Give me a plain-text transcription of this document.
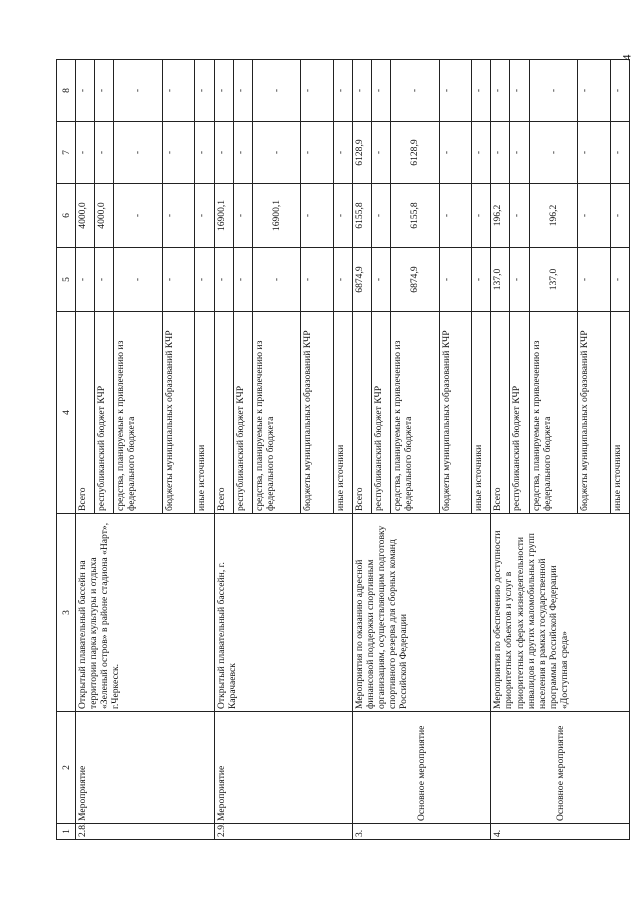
4
1	2	3	4	5	6	7	8
2.8.	Мероприятие	Открытый плавательный бассейн на территории парка культуры и отдыха «Зеленый остров» в районе стадиона «Нарт», г.Черкесск.	Всего	-	4000,0	-	-
			республиканский бюджет КЧР	-	4000,0	-	-
			средства, планируемые к привлечению из федерального бюджета	-	-	-	-
			бюджеты муниципальных образований КЧР	-	-	-	-
			иные источники	-	-	-	-
2.9.	Мероприятие	Открытый плавательный бассейн, г. Карачаевск	Всего	-	16900,1	-	-
			республиканский бюджет КЧР	-	-	-	-
			средства, планируемые к привлечению из федерального бюджета	-	16900,1	-	-
			бюджеты муниципальных образований КЧР	-	-	-	-
			иные источники	-	-	-	-
3.	Основное мероприятие	Мероприятия по оказанию адресной финансовой поддержки спортивным организациям, осуществляющим подготовку спортивного резерва для сборных команд Российской Федерации	Всего	6874,9	6155,8	6128,9	-
			республиканский бюджет КЧР	-	-	-	-
			средства, планируемые к привлечению из федерального бюджета	6874,9	6155,8	6128,9	-
			бюджеты муниципальных образований КЧР	-	-	-	-
			иные источники	-	-	-	-
4.	Основное мероприятие	Мероприятия по обеспечению доступности приоритетных объектов и услуг в приоритетных сферах жизнедеятельности инвалидов и других маломобильных групп населения в рамках государственной программы Российской Федерации «Доступная среда»	Всего	137,0	196,2	-	-
			республиканский бюджет КЧР	-	-	-	-
			средства, планируемые к привлечению из федерального бюджета	137,0	196,2	-	-
			бюджеты муниципальных образований КЧР	-	-	-	-
			иные источники	-	-	-	-
